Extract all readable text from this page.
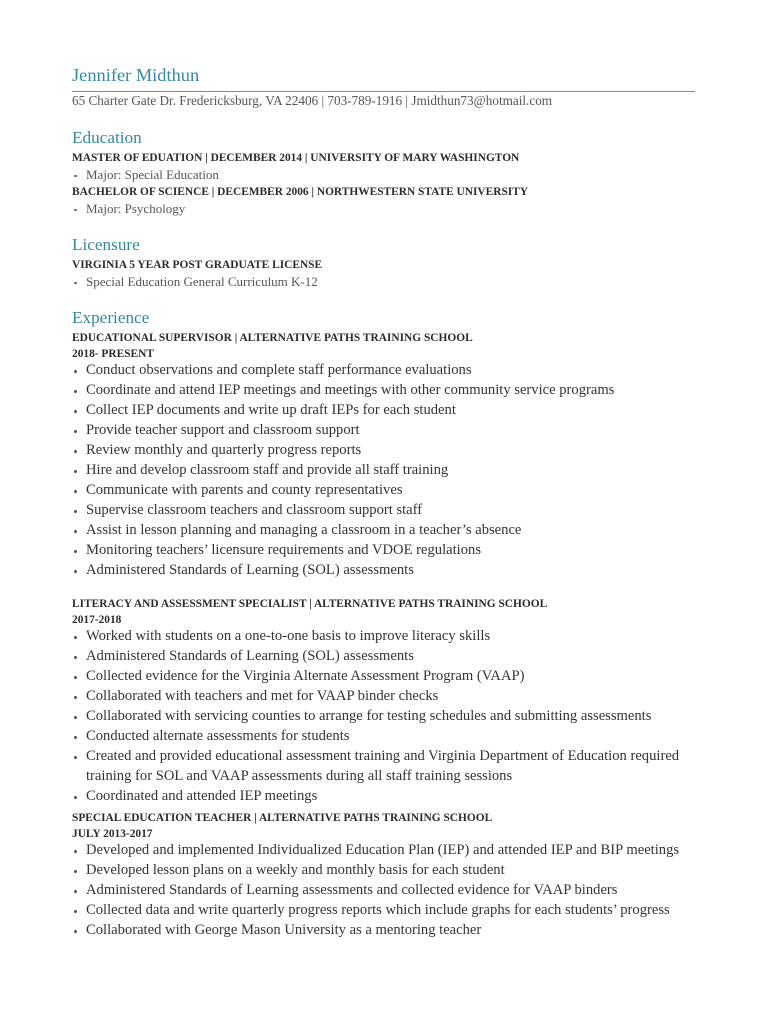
Jennifer Midthun
65 Charter Gate Dr. Fredericksburg, VA 22406 | 703-789-1916 | Jmidthun73@hotmail.com
Education
MASTER OF EDUATION | DECEMBER 2014 | UNIVERSITY OF MARY WASHINGTON
Major: Special Education
BACHELOR OF SCIENCE | DECEMBER 2006 | NORTHWESTERN STATE UNIVERSITY
Major: Psychology
Licensure
VIRGINIA 5 YEAR POST GRADUATE LICENSE
Special Education General Curriculum K-12
Experience
EDUCATIONAL SUPERVISOR | ALTERNATIVE PATHS TRAINING SCHOOL
2018- PRESENT
Conduct observations and complete staff performance evaluations
Coordinate and attend IEP meetings and meetings with other community service programs
Collect IEP documents and write up draft IEPs for each student
Provide teacher support and classroom support
Review monthly and quarterly progress reports
Hire and develop classroom staff and provide all staff training
Communicate with parents and county representatives
Supervise classroom teachers and classroom support staff
Assist in lesson planning and managing a classroom in a teacher’s absence
Monitoring teachers’ licensure requirements and VDOE regulations
Administered Standards of Learning (SOL) assessments
LITERACY AND ASSESSMENT SPECIALIST | ALTERNATIVE PATHS TRAINING SCHOOL
2017-2018
Worked with students on a one-to-one basis to improve literacy skills
Administered Standards of Learning (SOL) assessments
Collected evidence for the Virginia Alternate Assessment Program (VAAP)
Collaborated with teachers and met for VAAP binder checks
Collaborated with servicing counties to arrange for testing schedules and submitting assessments
Conducted alternate assessments for students
Created and provided educational assessment training and Virginia Department of Education required training for SOL and VAAP assessments during all staff training sessions
Coordinated and attended IEP meetings
SPECIAL EDUCATION TEACHER | ALTERNATIVE PATHS TRAINING SCHOOL
JULY 2013-2017
Developed and implemented Individualized Education Plan (IEP) and attended IEP and BIP meetings
Developed lesson plans on a weekly and monthly basis for each student
Administered Standards of Learning assessments and collected evidence for VAAP binders
Collected data and write quarterly progress reports which include graphs for each students’ progress
Collaborated with George Mason University as a mentoring teacher
